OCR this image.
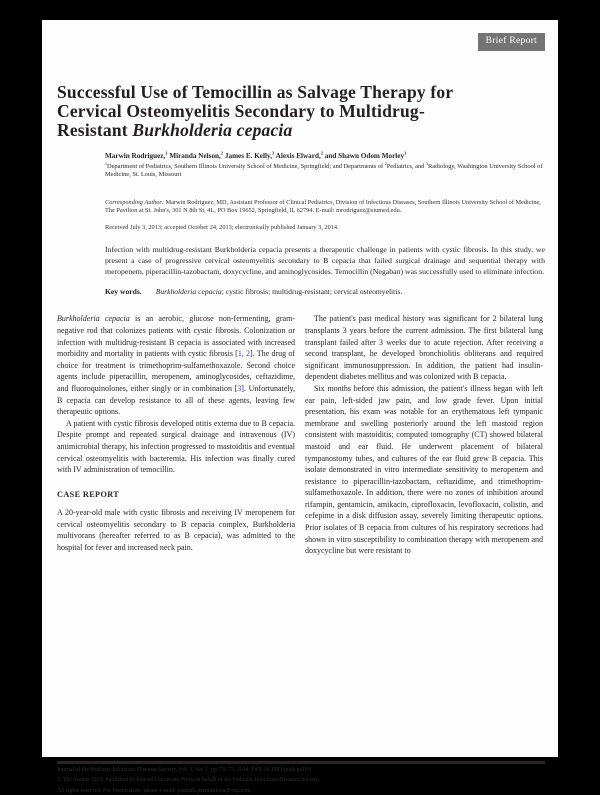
Brief Report
Successful Use of Temocillin as Salvage Therapy for Cervical Osteomyelitis Secondary to Multidrug-Resistant Burkholderia cepacia
Marwin Rodriguez,$^1$ Miranda Nelson,$^2$ James E. Kelly,$^3$ Alexis Elward,$^2$ and Shawn Odom Morley$^3$
$^1$Department of Pediatrics, Southern Illinois University School of Medicine, Springfield; and Departments of $^2$Pediatrics, and $^3$Radiology, Washington University School of Medicine, St. Louis, Missouri
Corresponding Author: Marwin Rodriguez, MD, Assistant Professor of Clinical Pediatrics, Division of Infectious Diseases, Southern Illinois University School of Medicine, The Pavilion at St. John's, 301 N 8th St, 4L, PO Box 19652, Springfield, IL 62794. E-mail: mrodriguez@siumed.edu.
Received July 3, 2013; accepted October 24, 2013; electronically published January 3, 2014.
Infection with multidrug-resistant Burkholderia cepacia presents a therapeutic challenge in patients with cystic fibrosis. In this study, we present a case of progressive cervical osteomyelitis secondary to B cepacia that failed surgical drainage and sequential therapy with meropenem, piperacillin-tazobactam, doxycycline, and aminoglycosides. Temocillin (Negaban) was successfully used to eliminate infection.
Key words. Burkholderia cepacia; cystic fibrosis; multidrug-resistant; cervical osteomyelitis.

Burkholderia cepacia is an aerobic, glucose non-fermenting, gram-negative rod that colonizes patients with cystic fibrosis. Colonization or infection with multidrug-resistant B cepacia is associated with increased morbidity and mortality in patients with cystic fibrosis [1, 2]. The drug of choice for treatment is trimethoprim-sulfamethoxazole. Second choice agents include piperacillin, meropenem, aminoglycosides, ceftazidime, and fluoroquinolones, either singly or in combination [3]. Unfortunately, B cepacia can develop resistance to all of these agents, leaving few therapeutic options.

A patient with cystic fibrosis developed otitis externa due to B cepacia. Despite prompt and repeated surgical drainage and intravenous (IV) antimicrobial therapy, his infection progressed to mastoiditis and eventual cervical osteomyelitis with bacteremia. His infection was finally cured with IV administration of temocillin.

CASE REPORT

A 20-year-old male with cystic fibrosis and receiving IV meropenem for cervical osteomyelitis secondary to B cepacia complex, Burkholderia multivorans (hereafter referred to as B cepacia), was admitted to the hospital for fever and increased neck pain.

The patient's past medical history was significant for 2 bilateral lung transplants 3 years before the current admission. The first bilateral lung transplant failed after 3 weeks due to acute rejection. After receiving a second transplant, he developed bronchiolitis obliterans and required significant immunosuppression. In addition, the patient had insulin-dependent diabetes mellitus and was colonized with B cepacia.

Six months before this admission, the patient's illness began with left ear pain, left-sided jaw pain, and low grade fever. Upon initial presentation, his exam was notable for an erythematous left tympanic membrane and swelling posteriorly around the left mastoid region consistent with mastoiditis; computed tomography (CT) showed bilateral mastoid and ear fluid. He underwent placement of bilateral tympanostomy tubes, and cultures of the ear fluid grew B cepacia. This isolate demonstrated in vitro intermediate sensitivity to meropenem and resistance to piperacillin-tazobactam, ceftazidime, and trimethoprim-sulfamethoxazole. In addition, there were no zones of inhibition around rifampin, gentamicin, amikacin, ciprofloxacin, levofloxacin, colistin, and cefepime in a disk diffusion assay, severely limiting therapeutic options. Prior isolates of B cepacia from cultures of his respiratory secretions had shown in vitro susceptibility to combination therapy with meropenem and doxycycline but were resistant to

Journal of the Pediatric Infectious Diseases Society, Vol. 3, No. 1, pp. 71–73, 2014. DOI:10.1093/jpids/pit091
© The Author 2013. Published by Oxford University Press on behalf of the Pediatric Infectious Diseases Society.
All rights reserved. For Permissions, please e-mail: journals.permissions@oup.com.
